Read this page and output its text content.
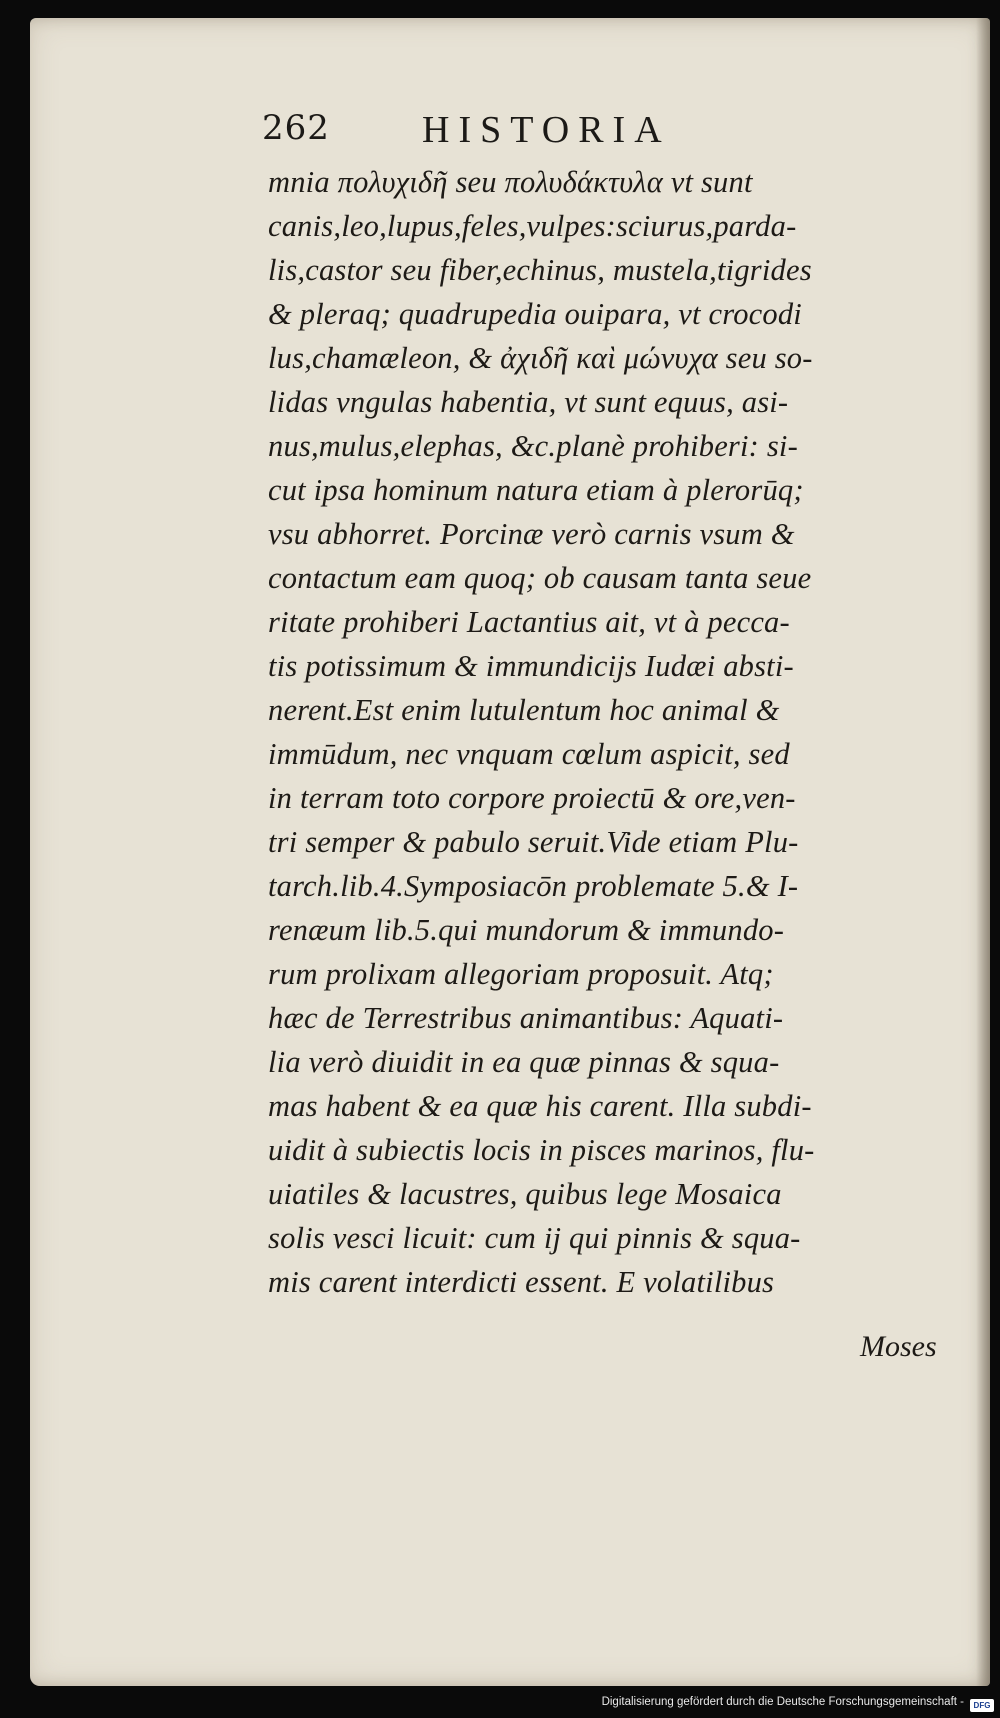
262 HISTORIA
mnia πολυχιδῆ seu πολυδάκτυλα vt sunt
canis,leo,lupus,feles,vulpes:sciurus,parda-
lis,castor seu fiber,echinus, mustela,tigrides
& pleraq; quadrupedia ouipara, vt crocodi
lus,chamæleon, & ἀχιδῆ καὶ μώνυχα seu so-
lidas vngulas habentia, vt sunt equus, asi-
nus,mulus,elephas, &c.planè prohiberi: si-
cut ipsa hominum natura etiam à plerorūq;
vsu abhorret. Porcinæ verò carnis vsum &
contactum eam quoq; ob causam tanta seue
ritate prohiberi Lactantius ait, vt à pecca-
tis potissimum & immundicijs Iudæi absti-
nerent.Est enim lutulentum hoc animal &
immūdum, nec vnquam cœlum aspicit, sed
in terram toto corpore proiectū & ore,ven-
tri semper & pabulo seruit.Vide etiam Plu-
tarch.lib.4.Symposiacōn problemate 5.& I-
renæum lib.5.qui mundorum & immundo-
rum prolixam allegoriam proposuit. Atq;
hæc de Terrestribus animantibus: Aquati-
lia verò diuidit in ea quæ pinnas & squa-
mas habent & ea quæ his carent. Illa subdi-
uidit à subiectis locis in pisces marinos, flu-
uiatiles & lacustres, quibus lege Mosaica
solis vesci licuit: cum ij qui pinnis & squa-
mis carent interdicti essent. E volatilibus
Moses
Digitalisierung gefördert durch die Deutsche Forschungsgemeinschaft - DFG
